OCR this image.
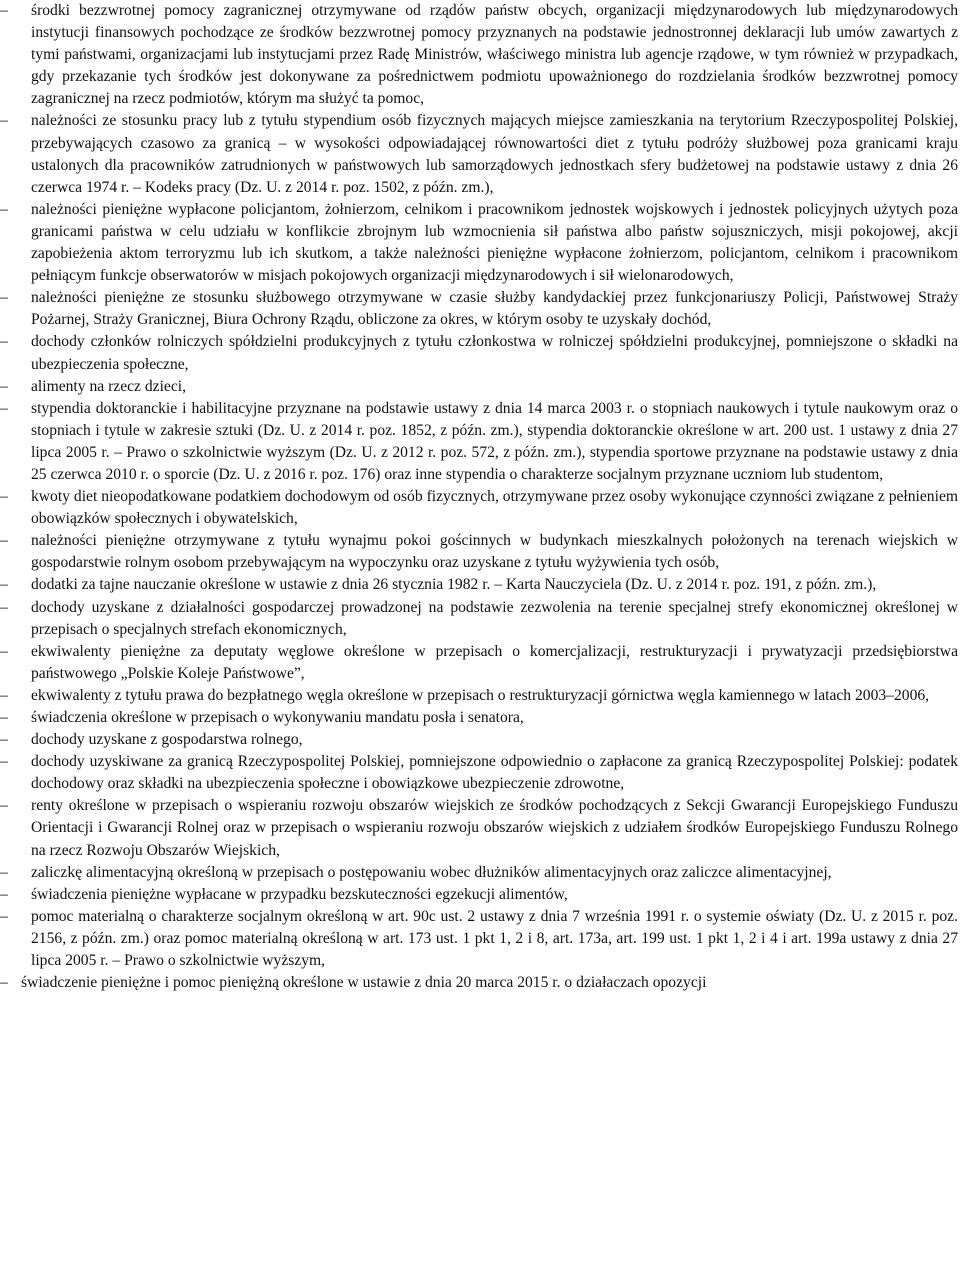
–	środki bezzwrotnej pomocy zagranicznej otrzymywane od rządów państw obcych, organizacji międzynarodowych lub międzynarodowych instytucji finansowych pochodzące ze środków bezzwrotnej pomocy przyznanych na podstawie jednostronnej deklaracji lub umów zawartych z tymi państwami, organizacjami lub instytucjami przez Radę Ministrów, właściwego ministra lub agencje rządowe, w tym również w przypadkach, gdy przekazanie tych środków jest dokonywane za pośrednictwem podmiotu upoważnionego do rozdzielania środków bezzwrotnej pomocy zagranicznej na rzecz podmiotów, którym ma służyć ta pomoc,
–	należności ze stosunku pracy lub z tytułu stypendium osób fizycznych mających miejsce zamieszkania na terytorium Rzeczypospolitej Polskiej, przebywających czasowo za granicą – w wysokości odpowiadającej równowartości diet z tytułu podróży służbowej poza granicami kraju ustalonych dla pracowników zatrudnionych w państwowych lub samorządowych jednostkach sfery budżetowej na podstawie ustawy z dnia 26 czerwca 1974 r. – Kodeks pracy (Dz. U. z 2014 r. poz. 1502, z późn. zm.),
–	należności pieniężne wypłacone policjantom, żołnierzom, celnikom i pracownikom jednostek wojskowych i jednostek policyjnych użytych poza granicami państwa w celu udziału w konflikcie zbrojnym lub wzmocnienia sił państwa albo państw sojuszniczych, misji pokojowej, akcji zapobieżenia aktom terroryzmu lub ich skutkom, a także należności pieniężne wypłacone żołnierzom, policjantom, celnikom i pracownikom pełniącym funkcje obserwatorów w misjach pokojowych organizacji międzynarodowych i sił wielonarodowych,
–	należności pieniężne ze stosunku służbowego otrzymywane w czasie służby kandydackiej przez funkcjonariuszy Policji, Państwowej Straży Pożarnej, Straży Granicznej, Biura Ochrony Rządu, obliczone za okres, w którym osoby te uzyskały dochód,
–	dochody członków rolniczych spółdzielni produkcyjnych z tytułu członkostwa w rolniczej spółdzielni produkcyjnej, pomniejszone o składki na ubezpieczenia społeczne,
–	alimenty na rzecz dzieci,
–	stypendia doktoranckie i habilitacyjne przyznane na podstawie ustawy z dnia 14 marca 2003 r. o stopniach naukowych i tytule naukowym oraz o stopniach i tytule w zakresie sztuki (Dz. U. z 2014 r. poz. 1852, z późn. zm.), stypendia doktoranckie określone w art. 200 ust. 1 ustawy z dnia 27 lipca 2005 r. – Prawo o szkolnictwie wyższym (Dz. U. z 2012 r. poz. 572, z późn. zm.), stypendia sportowe przyznane na podstawie ustawy z dnia 25 czerwca 2010 r. o sporcie (Dz. U. z 2016 r. poz. 176) oraz inne stypendia o charakterze socjalnym przyznane uczniom lub studentom,
–	kwoty diet nieopodatkowane podatkiem dochodowym od osób fizycznych, otrzymywane przez osoby wykonujące czynności związane z pełnieniem obowiązków społecznych i obywatelskich,
–	należności pieniężne otrzymywane z tytułu wynajmu pokoi gościnnych w budynkach mieszkalnych położonych na terenach wiejskich w gospodarstwie rolnym osobom przebywającym na wypoczynku oraz uzyskane z tytułu wyżywienia tych osób,
–	dodatki za tajne nauczanie określone w ustawie z dnia 26 stycznia 1982 r. – Karta Nauczyciela (Dz. U. z 2014 r. poz. 191, z późn. zm.),
–	dochody uzyskane z działalności gospodarczej prowadzonej na podstawie zezwolenia na terenie specjalnej strefy ekonomicznej określonej w przepisach o specjalnych strefach ekonomicznych,
–	ekwiwalenty pieniężne za deputaty węglowe określone w przepisach o komercjalizacji, restrukturyzacji i prywatyzacji przedsiębiorstwa państwowego „Polskie Koleje Państwowe”,
–	ekwiwalenty z tytułu prawa do bezpłatnego węgla określone w przepisach o restrukturyzacji górnictwa węgla kamiennego w latach 2003–2006,
–	świadczenia określone w przepisach o wykonywaniu mandatu posła i senatora,
–	dochody uzyskane z gospodarstwa rolnego,
–	dochody uzyskiwane za granicą Rzeczypospolitej Polskiej, pomniejszone odpowiednio o zapłacone za granicą Rzeczypospolitej Polskiej: podatek dochodowy oraz składki na ubezpieczenia społeczne i obowiązkowe ubezpieczenie zdrowotne,
–	renty określone w przepisach o wspieraniu rozwoju obszarów wiejskich ze środków pochodzących z Sekcji Gwarancji Europejskiego Funduszu Orientacji i Gwarancji Rolnej oraz w przepisach o wspieraniu rozwoju obszarów wiejskich z udziałem środków Europejskiego Funduszu Rolnego na rzecz Rozwoju Obszarów Wiejskich,
–	zaliczkę alimentacyjną określoną w przepisach o postępowaniu wobec dłużników alimentacyjnych oraz zaliczce alimentacyjnej,
–	świadczenia pieniężne wypłacane w przypadku bezskuteczności egzekucji alimentów,
–	pomoc materialną o charakterze socjalnym określoną w art. 90c ust. 2 ustawy z dnia 7 września 1991 r. o systemie oświaty (Dz. U. z 2015 r. poz. 2156, z późn. zm.) oraz pomoc materialną określoną w art. 173 ust. 1 pkt 1, 2 i 8, art. 173a, art. 199 ust. 1 pkt 1, 2 i 4 i art. 199a ustawy z dnia 27 lipca 2005 r. – Prawo o szkolnictwie wyższym,
– świadczenie pieniężne i pomoc pieniężną określone w ustawie z dnia 20 marca 2015 r. o działaczach opozycji
